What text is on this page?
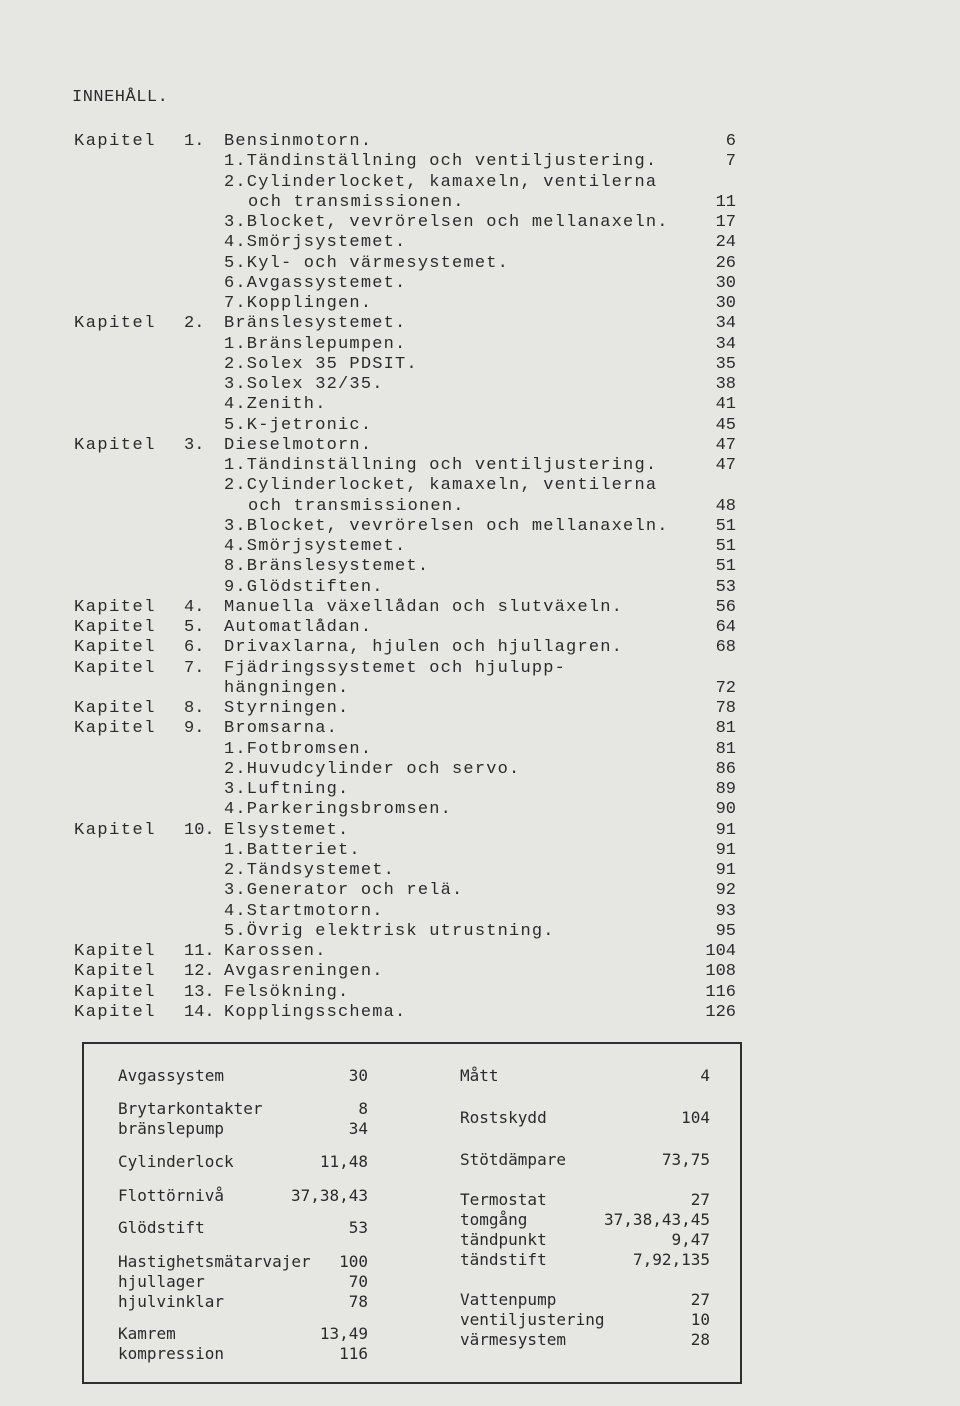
INNEHÅLL.
Kapitel 1. Bensinmotorn.	6
1.Tändinställning och ventiljustering.	7
2.Cylinderlocket, kamaxeln, ventilerna
och transmissionen.	11
3.Blocket, vevrörelsen och mellanaxeln.	17
4.Smörjsystemet.	24
5.Kyl- och värmesystemet.	26
6.Avgassystemet.	30
7.Kopplingen.	30
Kapitel 2. Bränslesystemet.	34
1.Bränslepumpen.	34
2.Solex 35 PDSIT.	35
3.Solex 32/35.	38
4.Zenith.	41
5.K-jetronic.	45
Kapitel 3. Dieselmotorn.	47
1.Tändinställning och ventiljustering.	47
2.Cylinderlocket, kamaxeln, ventilerna
och transmissionen.	48
3.Blocket, vevrörelsen och mellanaxeln.	51
4.Smörjsystemet.	51
8.Bränslesystemet.	51
9.Glödstiften.	53
Kapitel 4. Manuella växellådan och slutväxeln.	56
Kapitel 5. Automatlådan.	64
Kapitel 6. Drivaxlarna, hjulen och hjullagren.	68
Kapitel 7. Fjädringssystemet och hjulupp-
hängningen.	72
Kapitel 8. Styrningen.	78
Kapitel 9. Bromsarna.	81
1.Fotbromsen.	81
2.Huvudcylinder och servo.	86
3.Luftning.	89
4.Parkeringsbromsen.	90
Kapitel 10. Elsystemet.	91
1.Batteriet.	91
2.Tändsystemet.	91
3.Generator och relä.	92
4.Startmotorn.	93
5.Övrig elektrisk utrustning.	95
Kapitel 11. Karossen.	104
Kapitel 12. Avgasreningen.	108
Kapitel 13. Felsökning.	116
Kapitel 14. Kopplingsschema.	126
Avgassystem	30
Brytarkontakter	8
bränslepump	34
Cylinderlock	11,48
Flottörnivå	37,38,43
Glödstift	53
Hastighetsmätarvajer 100
hjullager	70
hjulvinklar	78
Kamrem	13,49
kompression	116
Mått	4
Rostskydd	104
Stötdämpare	73,75
Termostat	27
tomgång	37,38,43,45
tändpunkt	9,47
tändstift	7,92,135
Vattenpump	27
ventiljustering	10
värmesystem	28
